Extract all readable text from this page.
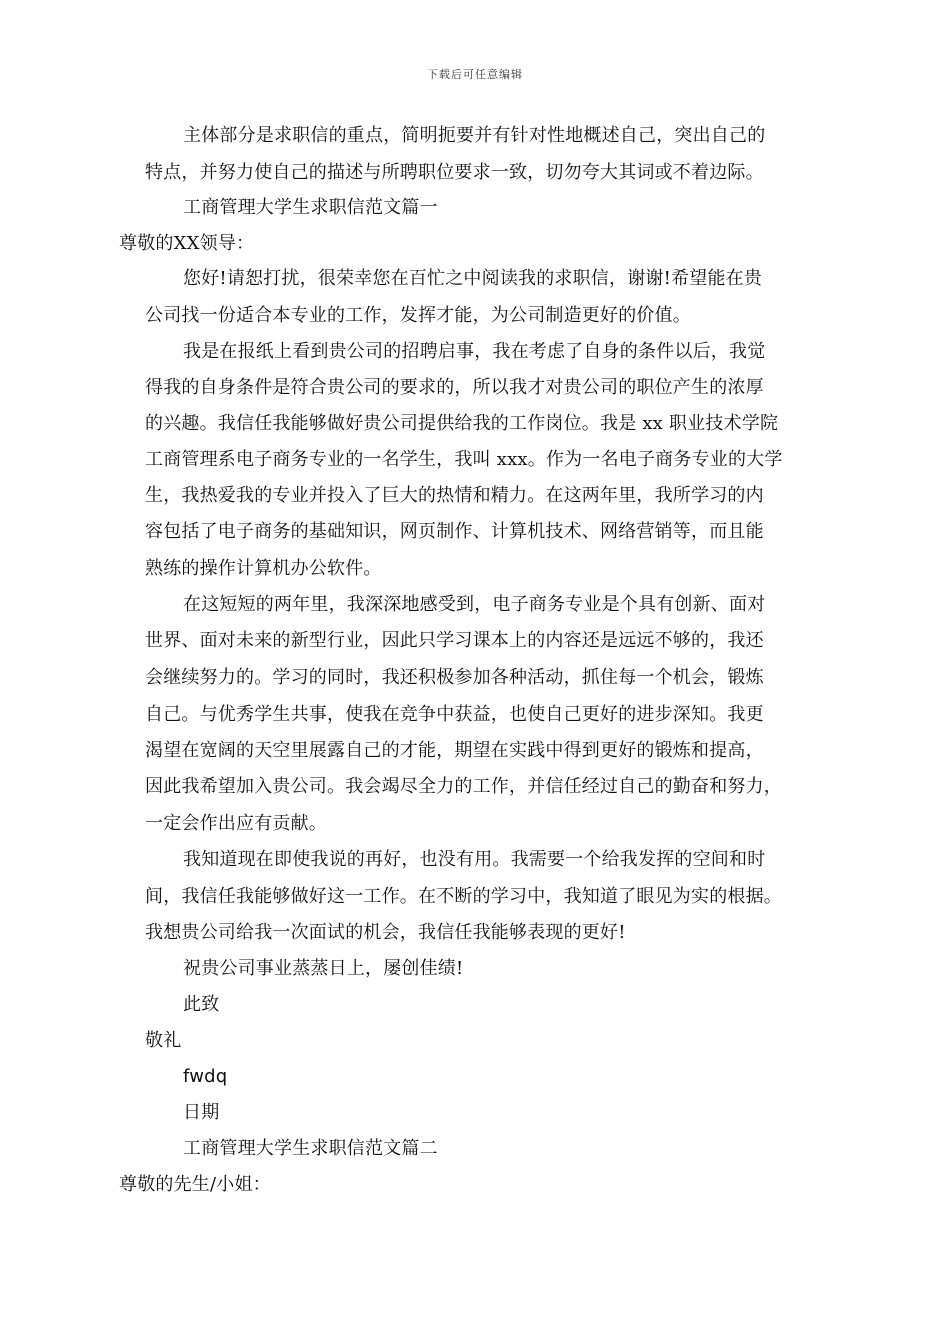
下载后可任意编辑
主体部分是求职信的重点，简明扼要并有针对性地概述自己，突出自己的
特点，并努力使自己的描述与所聘职位要求一致，切勿夸大其词或不着边际。
工商管理大学生求职信范文篇一
尊敬的XX领导：
您好!请恕打扰，很荣幸您在百忙之中阅读我的求职信，谢谢!希望能在贵
公司找一份适合本专业的工作，发挥才能，为公司制造更好的价值。
我是在报纸上看到贵公司的招聘启事，我在考虑了自身的条件以后，我觉
得我的自身条件是符合贵公司的要求的，所以我才对贵公司的职位产生的浓厚
的兴趣。我信任我能够做好贵公司提供给我的工作岗位。我是 xx 职业技术学院
工商管理系电子商务专业的一名学生，我叫 xxx。作为一名电子商务专业的大学
生，我热爱我的专业并投入了巨大的热情和精力。在这两年里，我所学习的内
容包括了电子商务的基础知识，网页制作、计算机技术、网络营销等，而且能
熟练的操作计算机办公软件。
在这短短的两年里，我深深地感受到，电子商务专业是个具有创新、面对
世界、面对未来的新型行业，因此只学习课本上的内容还是远远不够的，我还
会继续努力的。学习的同时，我还积极参加各种活动，抓住每一个机会，锻炼
自己。与优秀学生共事，使我在竞争中获益，也使自己更好的进步深知。我更
渴望在宽阔的天空里展露自己的才能，期望在实践中得到更好的锻炼和提高，
因此我希望加入贵公司。我会竭尽全力的工作，并信任经过自己的勤奋和努力，
一定会作出应有贡献。
我知道现在即使我说的再好，也没有用。我需要一个给我发挥的空间和时
间，我信任我能够做好这一工作。在不断的学习中，我知道了眼见为实的根据。
我想贵公司给我一次面试的机会，我信任我能够表现的更好!
祝贵公司事业蒸蒸日上，屡创佳绩!
此致
敬礼
fwdq
日期
工商管理大学生求职信范文篇二
尊敬的先生/小姐：
